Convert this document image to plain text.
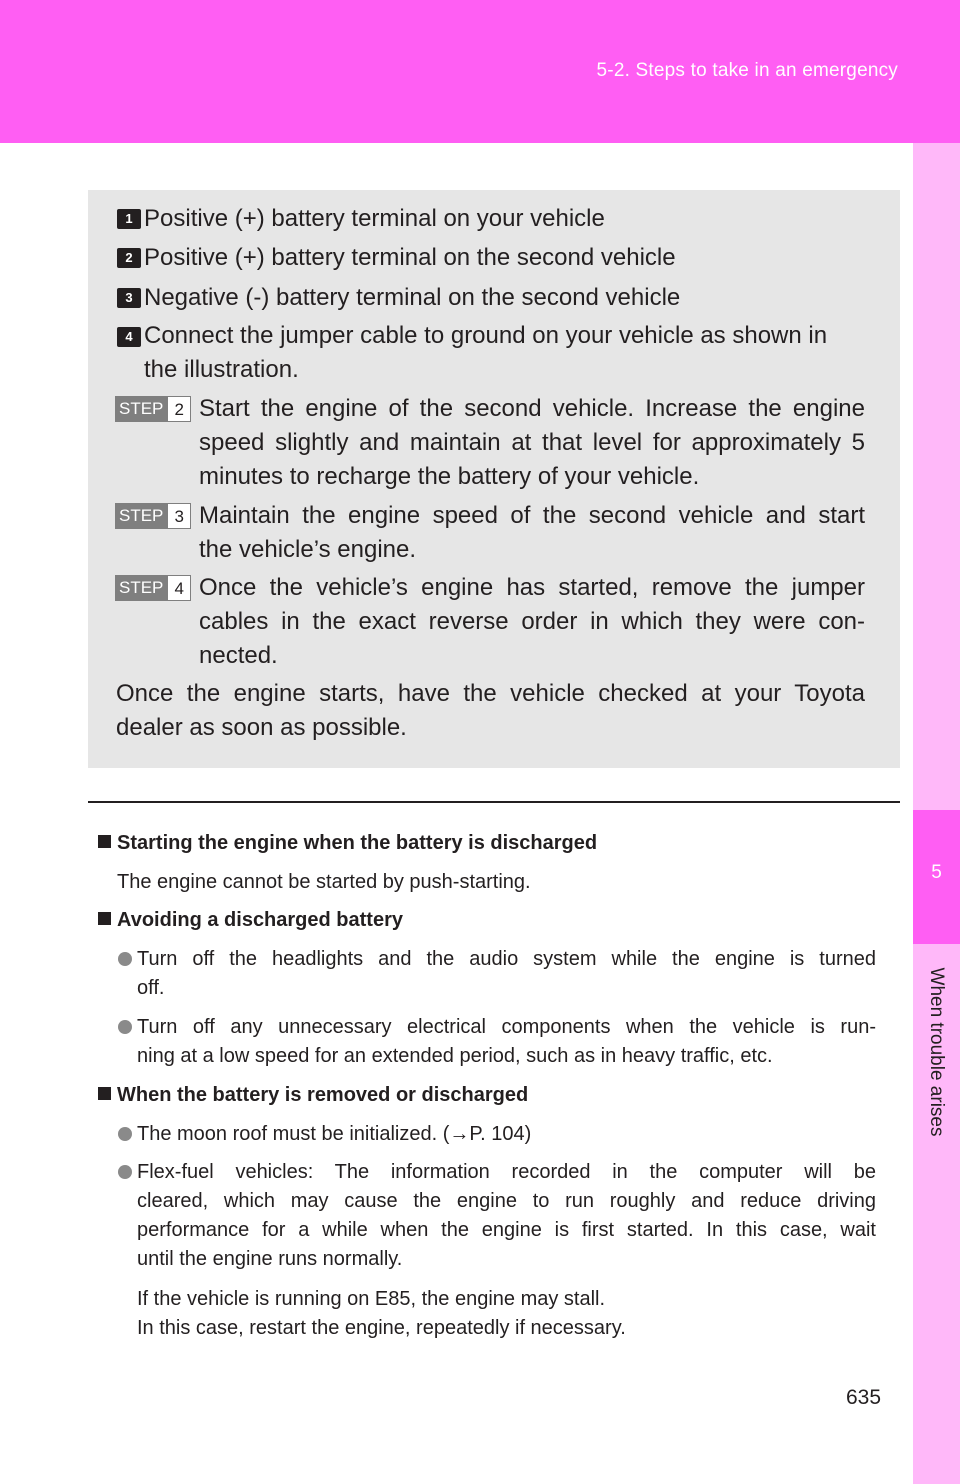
5-2. Steps to take in an emergency
5
When trouble arises
1 Positive (+) battery terminal on your vehicle
2 Positive (+) battery terminal on the second vehicle
3 Negative (-) battery terminal on the second vehicle
4 Connect the jumper cable to ground on your vehicle as shown in
the illustration.
STEP 2 Start the engine of the second vehicle. Increase the engine
speed slightly and maintain at that level for approximately 5
minutes to recharge the battery of your vehicle.
STEP 3 Maintain the engine speed of the second vehicle and start
the vehicle’s engine.
STEP 4 Once the vehicle’s engine has started, remove the jumper
cables in the exact reverse order in which they were con-
nected.
Once the engine starts, have the vehicle checked at your Toyota
dealer as soon as possible.
Starting the engine when the battery is discharged
The engine cannot be started by push-starting.
Avoiding a discharged battery
Turn off the headlights and the audio system while the engine is turned
off.
Turn off any unnecessary electrical components when the vehicle is run-
ning at a low speed for an extended period, such as in heavy traffic, etc.
When the battery is removed or discharged
The moon roof must be initialized. (→P. 104)
Flex-fuel vehicles: The information recorded in the computer will be
cleared, which may cause the engine to run roughly and reduce driving
performance for a while when the engine is first started. In this case, wait
until the engine runs normally.
If the vehicle is running on E85, the engine may stall.
In this case, restart the engine, repeatedly if necessary.
635
